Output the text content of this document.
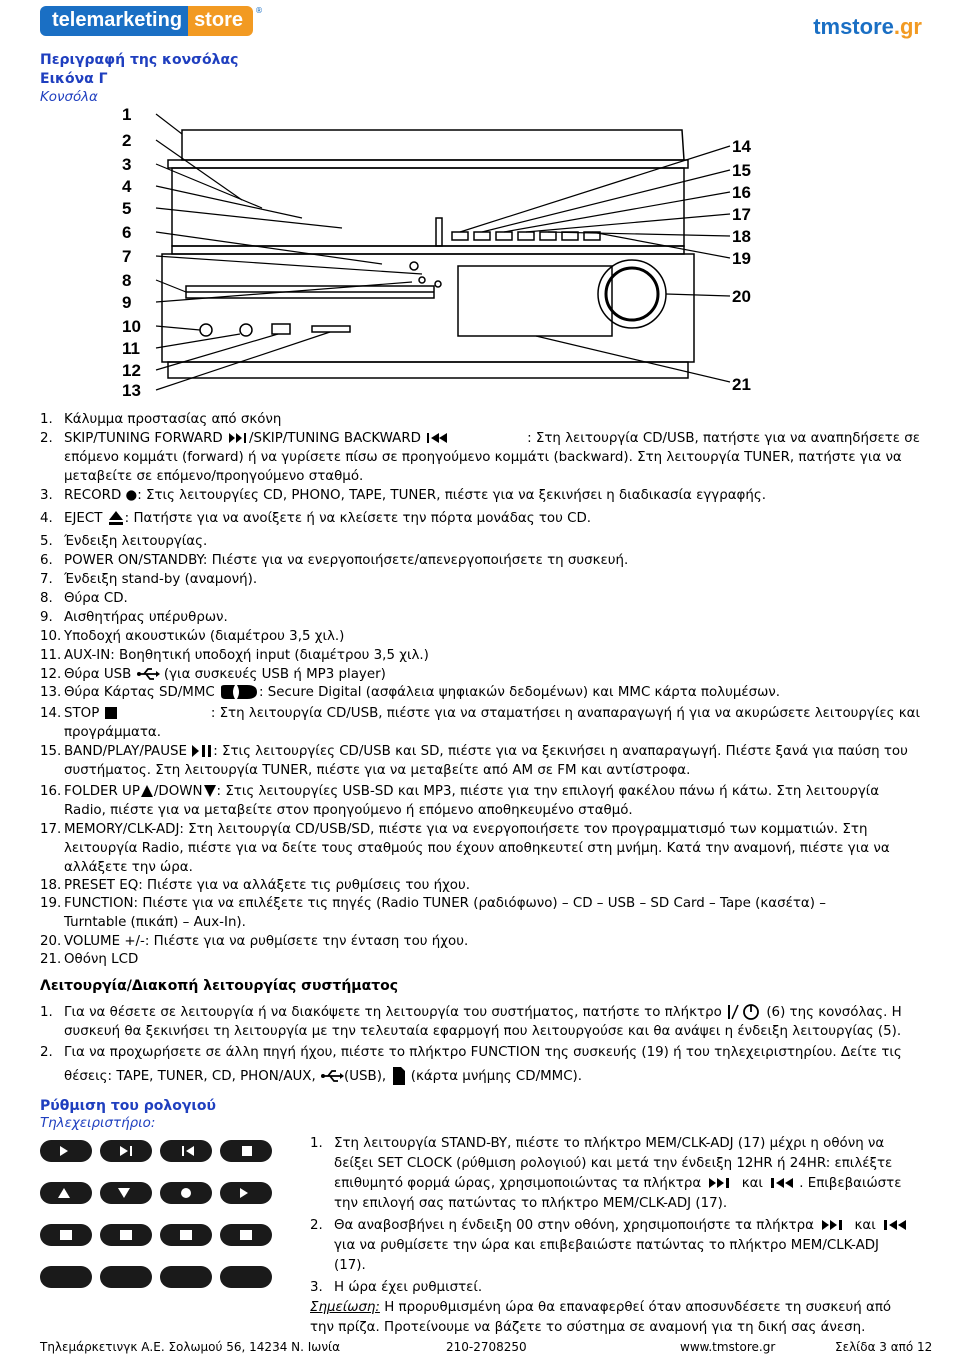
telemarketing store	®
tmstore.gr
Περιγραφή της κονσόλας
Εικόνα Γ
Κονσόλα
1
2
3
4
5
6
7
8
9
10
11
12
13
14
15
16
17
18
19
20
21
1. Κάλυμμα προστασίας από σκόνη
2. SKIP/TUNING FORWARD /SKIP/TUNING BACKWARD	: Στη λειτουργία CD/USB, πατήστε για να αναπηδήσετε σε
επόμενο κομμάτι (forward) ή να γυρίσετε πίσω σε προηγούμενο κομμάτι (backward). Στη λειτουργία TUNER, πατήστε για να
μεταβείτε σε επόμενο/προηγούμενο σταθμό.
3. RECORD ●: Στις λειτουργίες CD, PHONO, TAPE, TUNER, πιέστε για να ξεκινήσει η διαδικασία εγγραφής.
4. EJECT : Πατήστε για να ανοίξετε ή να κλείσετε την πόρτα μονάδας του CD.
5. Ένδειξη λειτουργίας.
6. POWER ON/STANDBY: Πιέστε για να ενεργοποιήσετε/απενεργοποιήσετε τη συσκευή.
7. Ένδειξη stand-by (αναμονή).
8. Θύρα CD.
9. Αισθητήρας υπέρυθρων.
10. Υποδοχή ακουστικών (διαμέτρου 3,5 χιλ.)
11. AUX-IN: Βοηθητική υποδοχή input (διαμέτρου 3,5 χιλ.)
12. Θύρα USB (για συσκευές USB ή MP3 player)
13. Θύρα Κάρτας SD/MMC	: Secure Digital (ασφάλεια ψηφιακών δεδομένων) και MMC κάρτα πολυμέσων.
14. STOP	: Στη λειτουργία CD/USB, πιέστε για να σταματήσει η αναπαραγωγή ή για να ακυρώσετε λειτουργίες και
προγράμματα.
15. BAND/PLAY/PAUSE : Στις λειτουργίες CD/USB και SD, πιέστε για να ξεκινήσει η αναπαραγωγή. Πιέστε ξανά για παύση του
συστήματος. Στη λειτουργία TUNER, πιέστε για να μεταβείτε από AM σε FM και αντίστροφα.
16. FOLDER UP /DOWN : Στις λειτουργίες USB-SD και MP3, πιέστε για την επιλογή φακέλου πάνω ή κάτω. Στη λειτουργία
Radio, πιέστε για να μεταβείτε στον προηγούμενο ή επόμενο αποθηκευμένο σταθμό.
17. MEMORY/CLK-ADJ: Στη λειτουργία CD/USB/SD, πιέστε για να ενεργοποιήσετε τον προγραμματισμό των κομματιών. Στη
λειτουργία Radio, πιέστε για να δείτε τους σταθμούς που έχουν αποθηκευτεί στη μνήμη. Κατά την αναμονή, πιέστε για να
αλλάξετε την ώρα.
18. PRESET EQ: Πιέστε για να αλλάξετε τις ρυθμίσεις του ήχου.
19. FUNCTION: Πιέστε για να επιλέξετε τις πηγές (Radio TUNER (ραδιόφωνο) – CD – USB – SD Card – Tape (κασέτα) –
Turntable (πικάπ) – Aux-In).
20. VOLUME +/-: Πιέστε για να ρυθμίσετε την ένταση του ήχου.
21. Οθόνη LCD
Λειτουργία/Διακοπή λειτουργίας συστήματος
1. Για να θέσετε σε λειτουργία ή να διακόψετε τη λειτουργία του συστήματος, πατήστε το πλήκτρο	(6) της κονσόλας. Η
συσκευή θα ξεκινήσει τη λειτουργία με την τελευταία εφαρμογή που λειτουργούσε και θα ανάψει η ένδειξη λειτουργίας (5).
2. Για να προχωρήσετε σε άλλη πηγή ήχου, πιέστε το πλήκτρο FUNCTION της συσκευής (19) ή του τηλεχειριστηρίου. Δείτε τις
θέσεις: TAPE, TUNER, CD, PHON/AUX, (USB), (κάρτα μνήμης CD/MMC).
Ρύθμιση του ρολογιού
Τηλεχειριστήριο:
1. Στη λειτουργία STAND-BY, πιέστε το πλήκτρο MEM/CLK-ADJ (17) μέχρι η οθόνη να
δείξει SET CLOCK (ρύθμιση ρολογιού) και μετά την ένδειξη 12HR ή 24HR: επιλέξτε
επιθυμητό φορμά ώρας, χρησιμοποιώντας τα πλήκτρα	και	. Επιβεβαιώστε
την επιλογή σας πατώντας το πλήκτρο MEM/CLK-ADJ (17).
2. Θα αναβοσβήνει η ένδειξη 00 στην οθόνη, χρησιμοποιήστε τα πλήκτρα	και
για να ρυθμίσετε την ώρα και επιβεβαιώστε πατώντας το πλήκτρο MEM/CLK-ADJ
(17).
3. Η ώρα έχει ρυθμιστεί.
Σημείωση: Η προρυθμισμένη ώρα θα επαναφερθεί όταν αποσυνδέσετε τη συσκευή από
την πρίζα. Προτείνουμε να βάζετε το σύστημα σε αναμονή για τη δική σας άνεση.
Τηλεμάρκετινγκ Α.Ε. Σολωμού 56, 14234 Ν. Ιωνία	210-2708250	www.tmstore.gr	Σελίδα 3 από 12
